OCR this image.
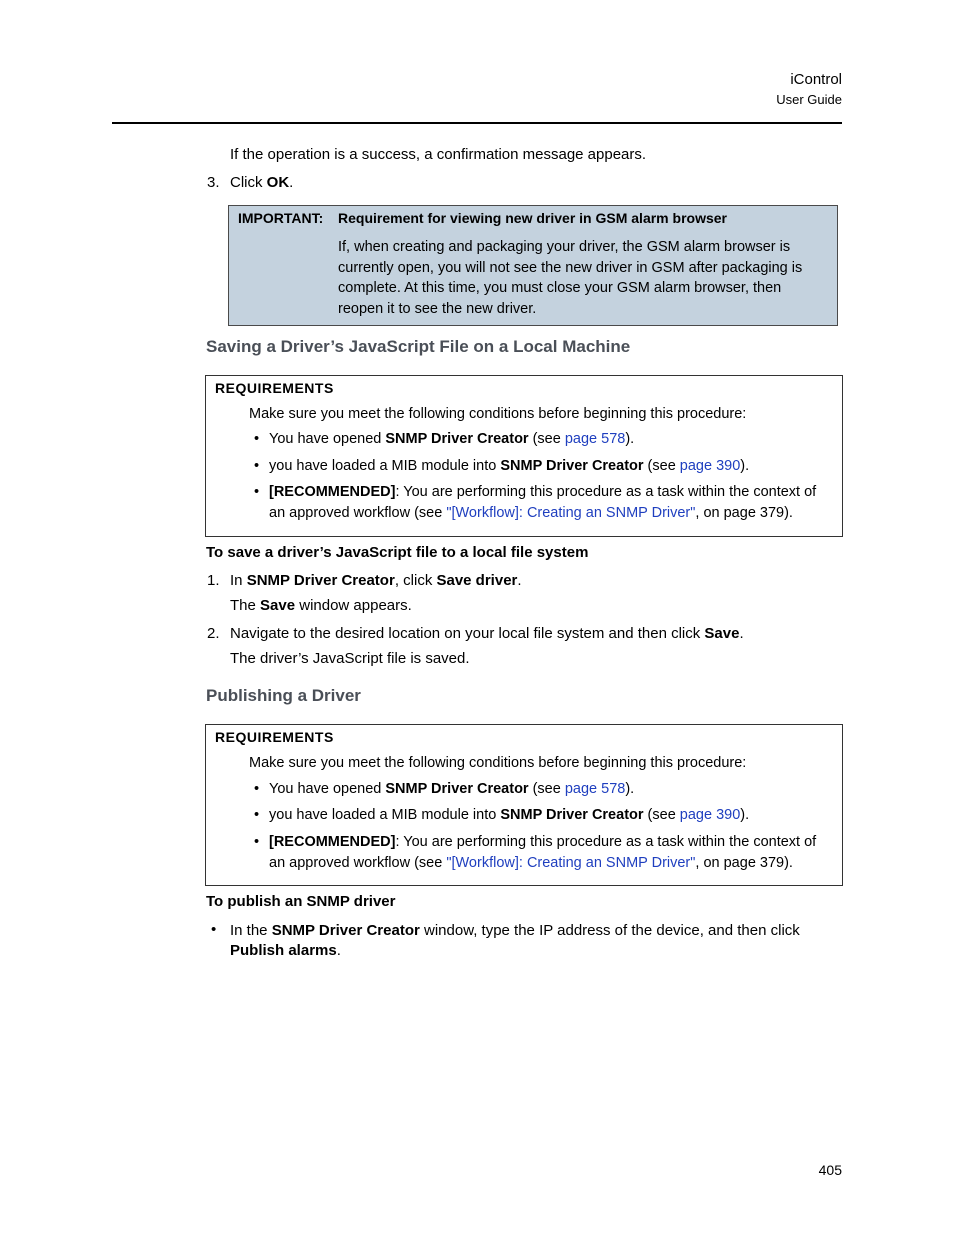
iControl
User Guide
If the operation is a success, a confirmation message appears.
3. Click OK.
IMPORTANT: Requirement for viewing new driver in GSM alarm browser
If, when creating and packaging your driver, the GSM alarm browser is currently open, you will not see the new driver in GSM after packaging is complete. At this time, you must close your GSM alarm browser, then reopen it to see the new driver.
Saving a Driver’s JavaScript File on a Local Machine
REQUIREMENTS
Make sure you meet the following conditions before beginning this procedure:
• You have opened SNMP Driver Creator (see page 578).
• you have loaded a MIB module into SNMP Driver Creator (see page 390).
• [RECOMMENDED]: You are performing this procedure as a task within the context of an approved workflow (see "[Workflow]: Creating an SNMP Driver", on page 379).
To save a driver’s JavaScript file to a local file system
1. In SNMP Driver Creator, click Save driver.
The Save window appears.
2. Navigate to the desired location on your local file system and then click Save.
The driver’s JavaScript file is saved.
Publishing a Driver
REQUIREMENTS
Make sure you meet the following conditions before beginning this procedure:
• You have opened SNMP Driver Creator (see page 578).
• you have loaded a MIB module into SNMP Driver Creator (see page 390).
• [RECOMMENDED]: You are performing this procedure as a task within the context of an approved workflow (see "[Workflow]: Creating an SNMP Driver", on page 379).
To publish an SNMP driver
• In the SNMP Driver Creator window, type the IP address of the device, and then click Publish alarms.
405
